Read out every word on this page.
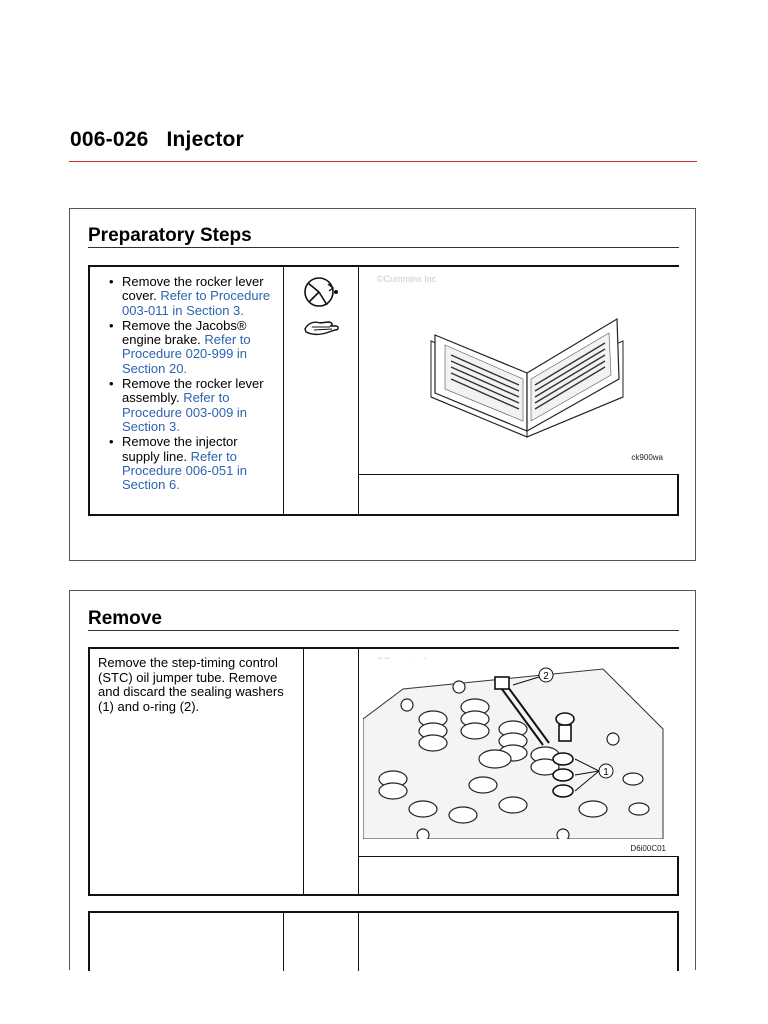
006-026 Injector
Preparatory Steps
• Remove the rocker lever cover. Refer to Procedure 003-011 in Section 3.
• Remove the Jacobs® engine brake. Refer to Procedure 020-999 in Section 20.
• Remove the rocker lever assembly. Refer to Procedure 003-009 in Section 3.
• Remove the injector supply line. Refer to Procedure 006-051 in Section 6.
©Cummins Inc
ck900wa
Remove
Remove the step-timing control (STC) oil jumper tube. Remove and discard the sealing washers (1) and o-ring (2).
2
1
D6i00C01
